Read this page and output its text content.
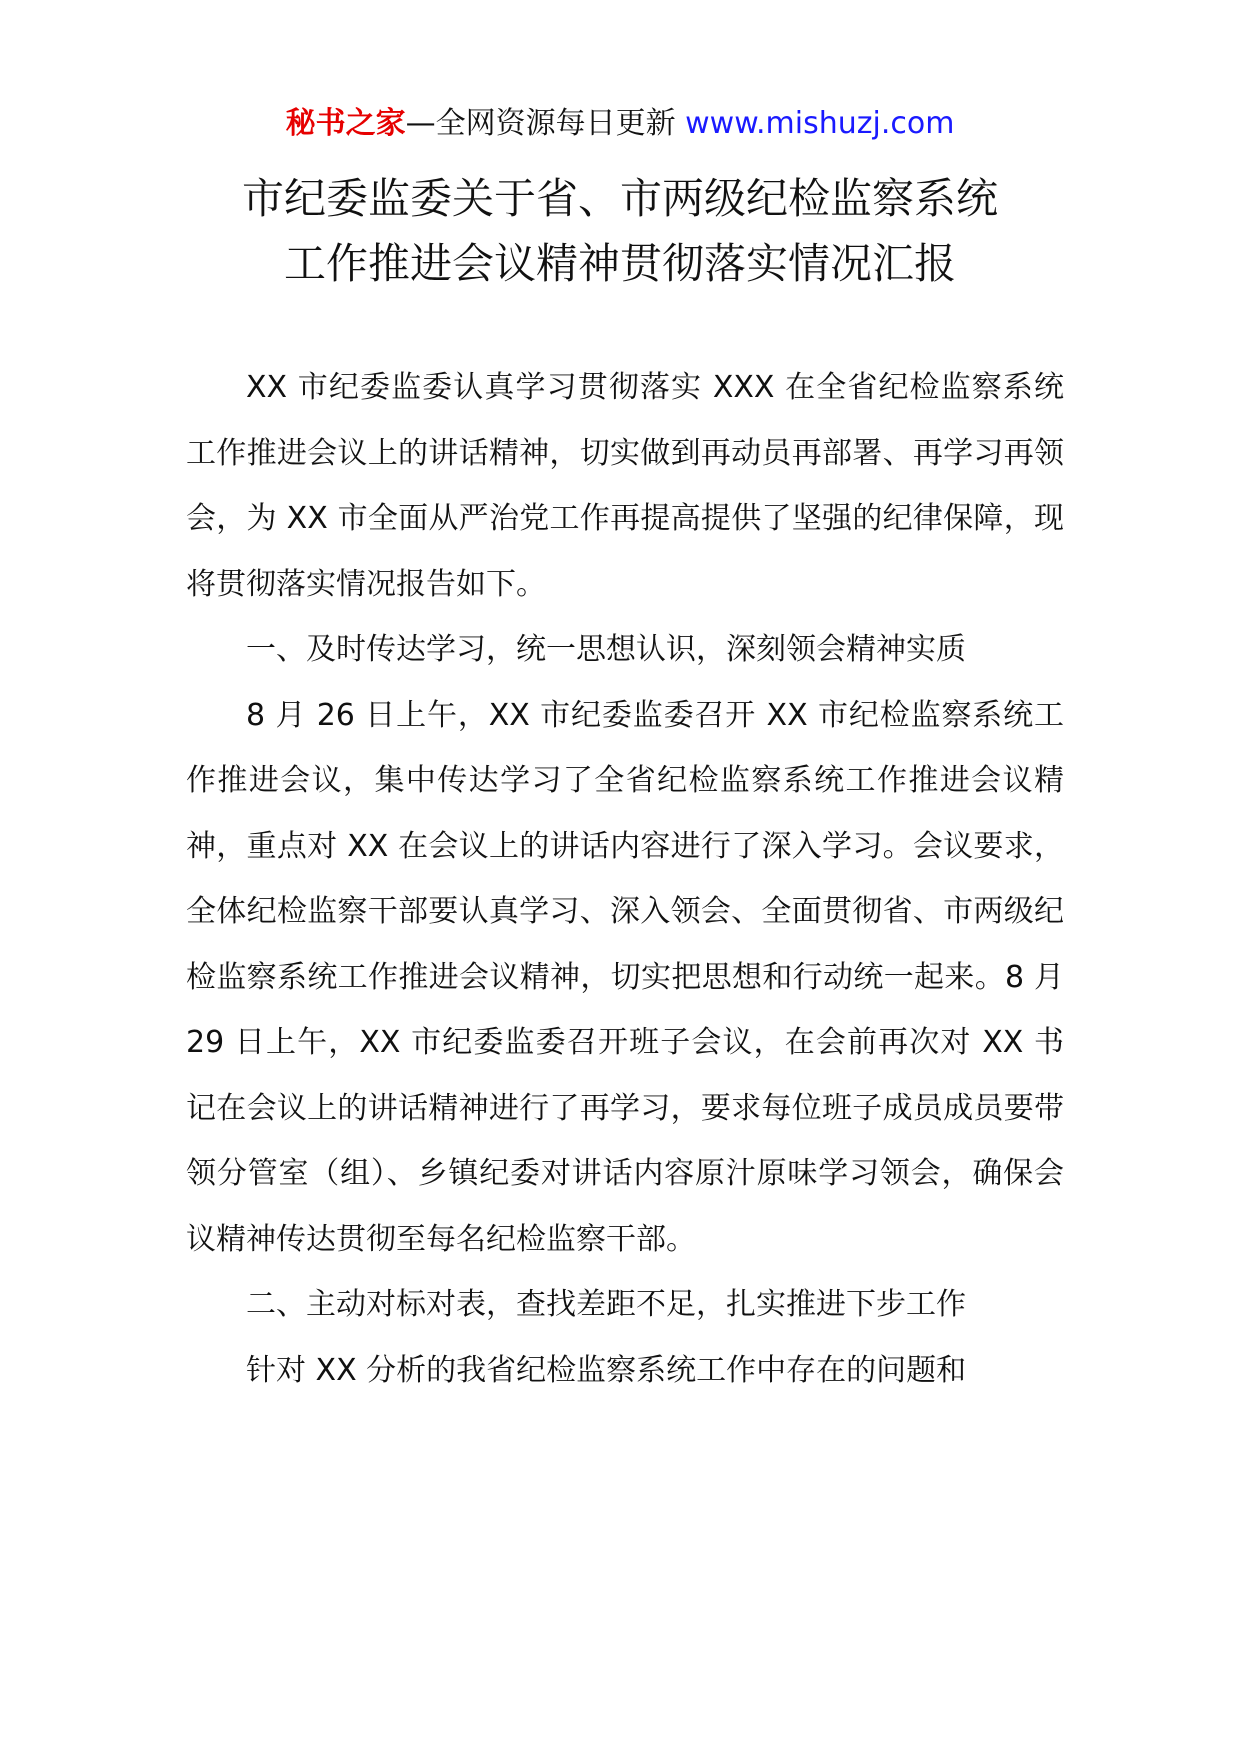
秘书之家—全网资源每日更新 www.mishuzj.com
市纪委监委关于省、市两级纪检监察系统
工作推进会议精神贯彻落实情况汇报

XX 市纪委监委认真学习贯彻落实 XXX 在全省纪检监察系统工作推进会议上的讲话精神，切实做到再动员再部署、再学习再领会，为 XX 市全面从严治党工作再提高提供了坚强的纪律保障，现将贯彻落实情况报告如下。

一、及时传达学习，统一思想认识，深刻领会精神实质

8 月 26 日上午，XX 市纪委监委召开 XX 市纪检监察系统工作推进会议，集中传达学习了全省纪检监察系统工作推进会议精神，重点对 XX 在会议上的讲话内容进行了深入学习。会议要求，全体纪检监察干部要认真学习、深入领会、全面贯彻省、市两级纪检监察系统工作推进会议精神，切实把思想和行动统一起来。8 月 29 日上午，XX 市纪委监委召开班子会议，在会前再次对 XX 书记在会议上的讲话精神进行了再学习，要求每位班子成员成员要带领分管室（组）、乡镇纪委对讲话内容原汁原味学习领会，确保会议精神传达贯彻至每名纪检监察干部。

二、主动对标对表，查找差距不足，扎实推进下步工作

针对 XX 分析的我省纪检监察系统工作中存在的问题和
